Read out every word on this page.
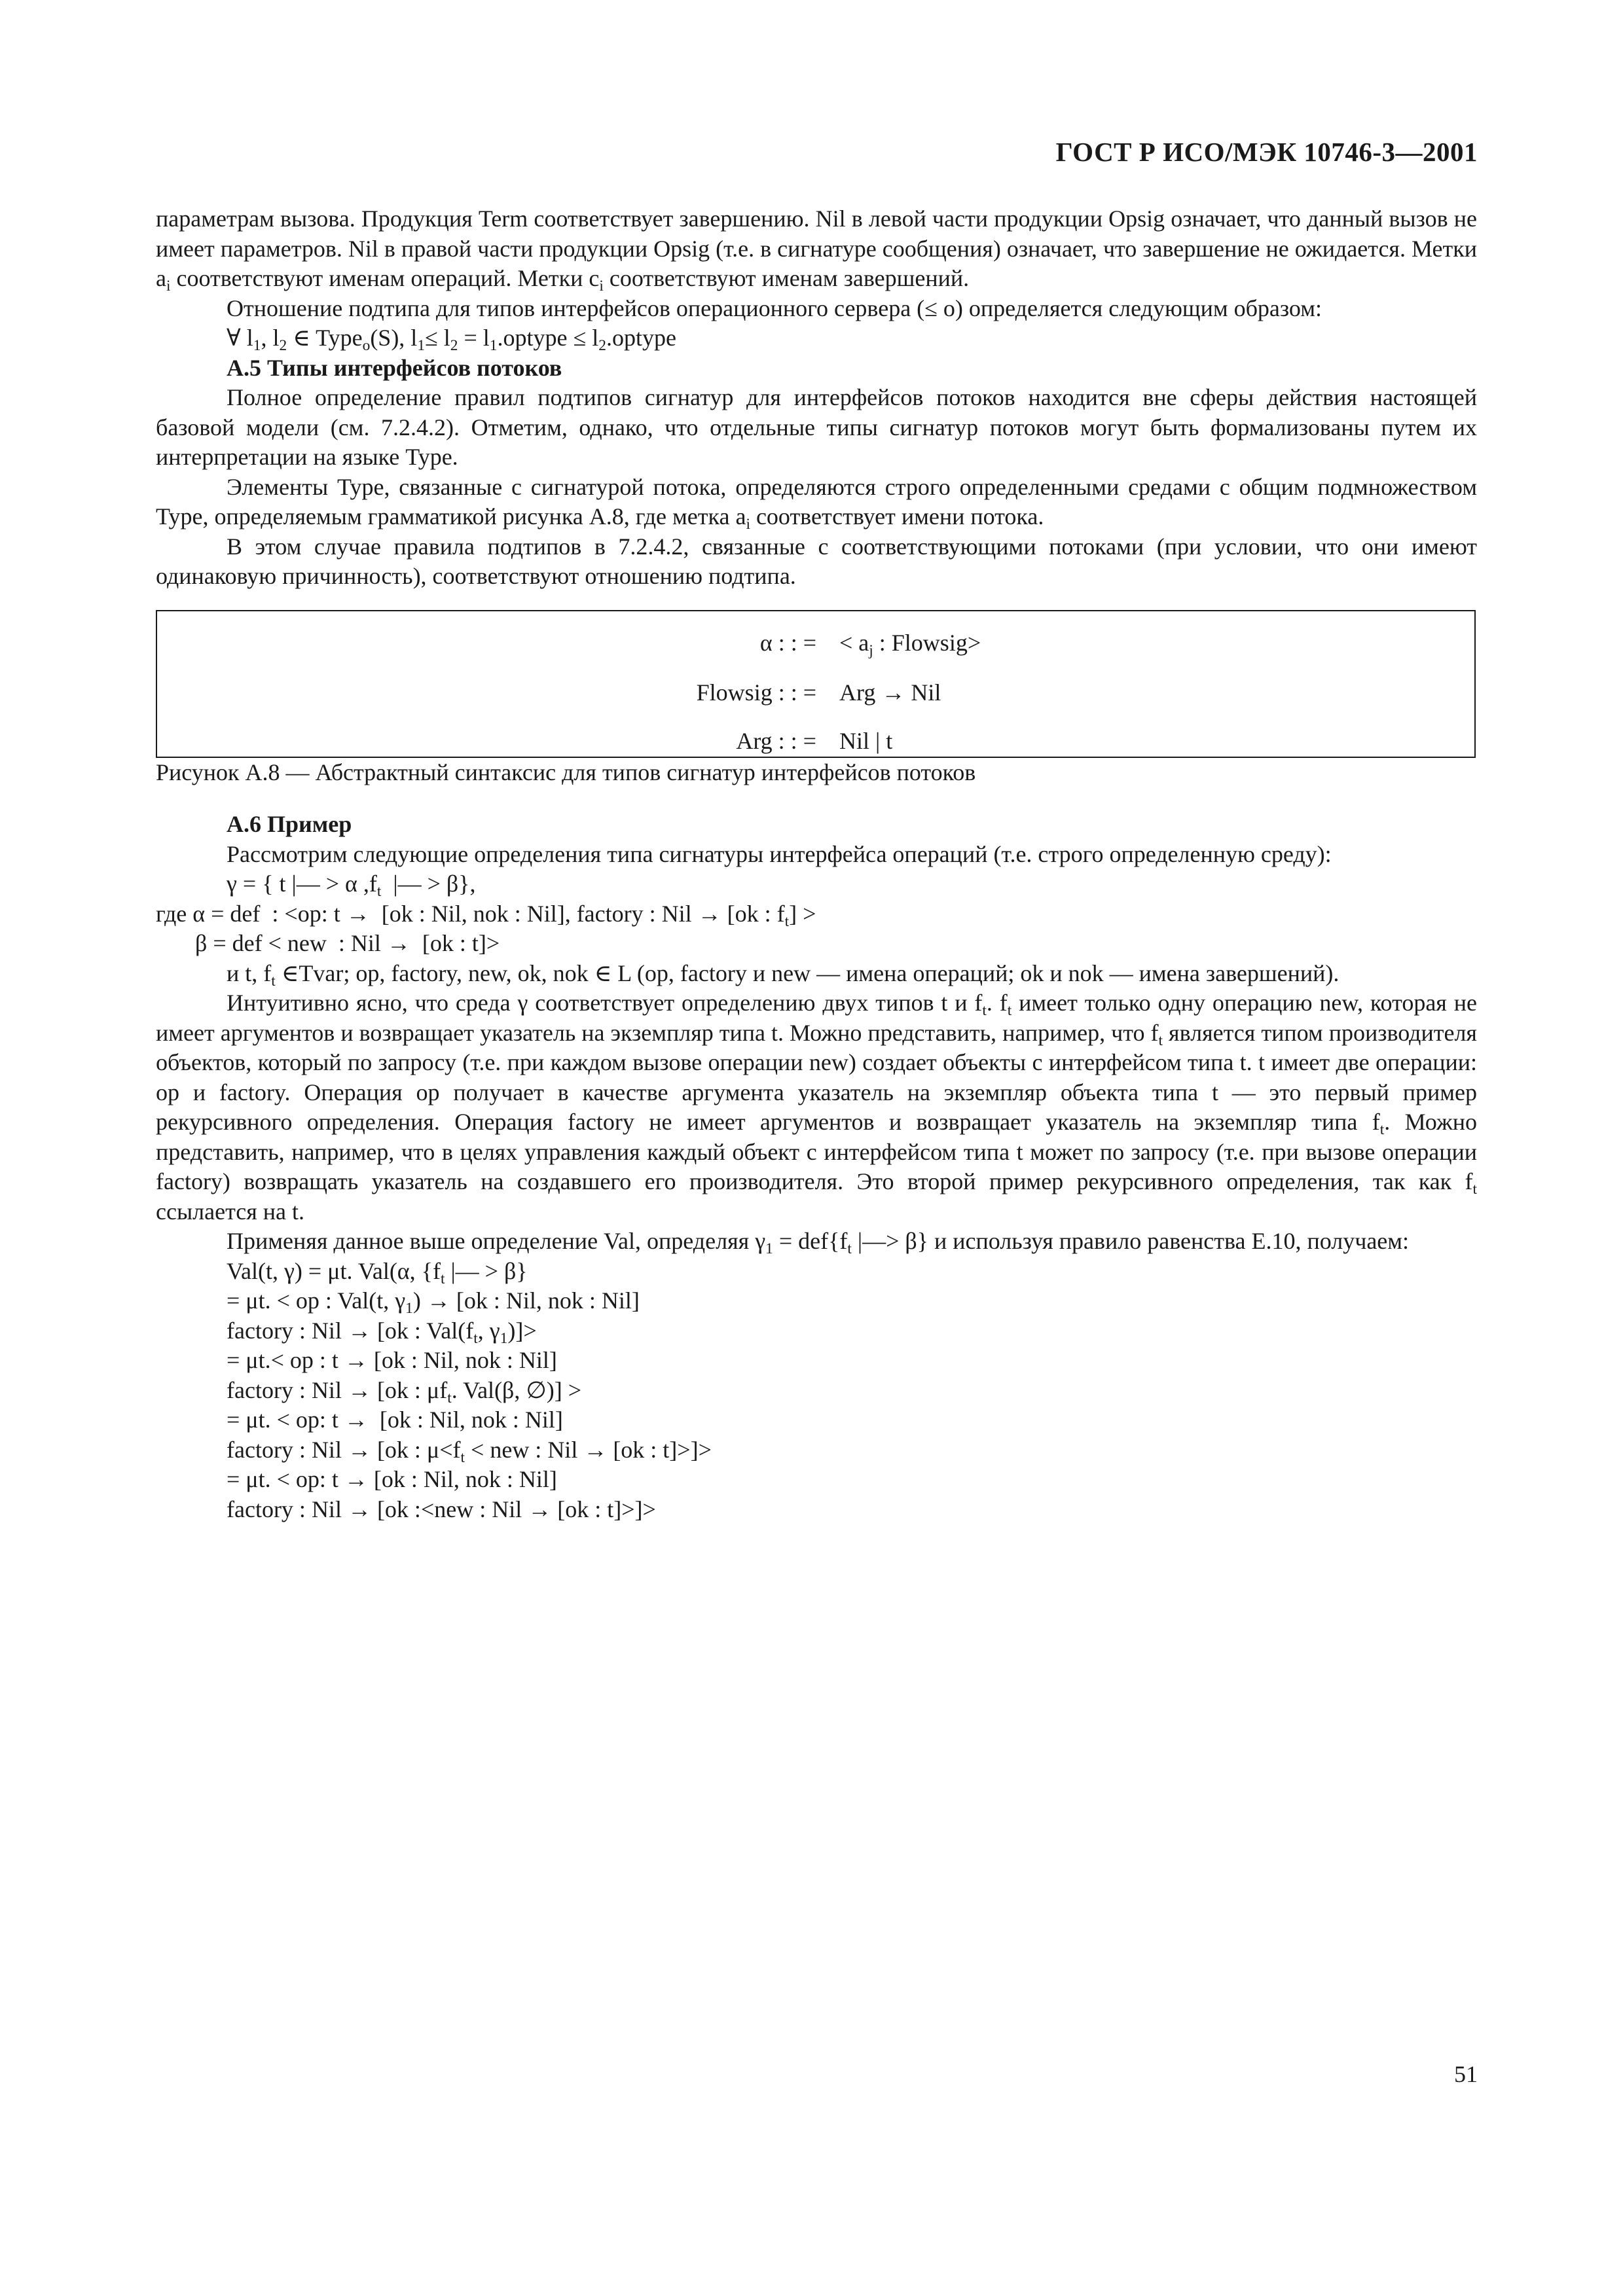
ГОСТ Р ИСО/МЭК 10746-3—2001

параметрам вызова. Продукция Term соответствует завершению. Nil в левой части продукции Opsig означает, что данный вызов не имеет параметров. Nil в правой части продукции Opsig (т.е. в сигнатуре сообщения) означает, что завершение не ожидается. Метки $a_i$ соответствуют именам операций. Метки $c_i$ соответствуют именам завершений.

Отношение подтипа для типов интерфейсов операционного сервера (≤ o) определяется следующим образом:

∀ $l_1$, $l_2$ ∈ Type$_o$(S), $l_1\le l_2$ = $l_1.optype$ ≤ $l_2.optype$

А.5 Типы интерфейсов потоков

Полное определение правил подтипов сигнатур для интерфейсов потоков находится вне сферы действия настоящей базовой модели (см. 7.2.4.2). Отметим, однако, что отдельные типы сигнатур потоков могут быть формализованы путем их интерпретации на языке Type.

Элементы Type, связанные с сигнатурой потока, определяются строго определенными средами с общим подмножеством Type, определяемым грамматикой рисунка А.8, где метка $a_i$ соответствует имени потока.

В этом случае правила подтипов в 7.2.4.2, связанные с соответствующими потоками (при условии, что они имеют одинаковую причинность), соответствуют отношению подтипа.

α : : = < $a_j$ : Flowsig>
Flowsig : : = Arg → Nil
Arg : : = Nil | t

Рисунок А.8 — Абстрактный синтаксис для типов сигнатур интерфейсов потоков

А.6 Пример

Рассмотрим следующие определения типа сигнатуры интерфейса операций (т.е. строго определенную среду):

γ = { t |— > α $,f_t$  |— > β},

где α = def  : <op: t →  [ok : Nil, nok : Nil], factory : Nil → [ok : $f_t$] >

β = def < new  : Nil →  [ok : t]>

и t, $f_t$ ∈Tvar; op, factory, new, ok, nok ∈ L (op, factory и new — имена операций; ok и nok — имена завершений).

Интуитивно ясно, что среда γ соответствует определению двух типов t и $f_t$. $f_t$ имеет только одну операцию new, которая не имеет аргументов и возвращает указатель на экземпляр типа t. Можно представить, например, что $f_t$ является типом производителя объектов, который по запросу (т.е. при каждом вызове операции new) создает объекты с интерфейсом типа t. t имеет две операции: op и factory. Операция op получает в качестве аргумента указатель на экземпляр объекта типа t — это первый пример рекурсивного определения. Операция factory не имеет аргументов и возвращает указатель на экземпляр типа $f_t$. Можно представить, например, что в целях управления каждый объект с интерфейсом типа t может по запросу (т.е. при вызове операции factory) возвращать указатель на создавшего его производителя. Это второй пример рекурсивного определения, так как $f_t$ ссылается на t.

Применяя данное выше определение Val, определяя $\gamma_1 = def\{f_t$ |—> β} и используя правило равенства Е.10, получаем:

Val(t, γ) = μt. Val(α, {$f_t$ |— > β}

= μt. < op : Val(t, $\gamma_1) \to [ok$ : Nil, nok : Nil]

factory : Nil → [ok : $Val(f_t$, $\gamma_1)]>$

= μt.< op : t → [ok : Nil, nok : Nil]

factory : Nil → [ok : $\mu f_t$. Val(β, ∅)] >

= μt. < op: t →  [ok : Nil, nok : Nil]

factory : Nil → [ok : $\mu<f_t$ < new : Nil → [ok : t]>]>

= μt. < op: t → [ok : Nil, nok : Nil]

factory : Nil → [ok :<new : Nil → [ok : t]>]>

51
